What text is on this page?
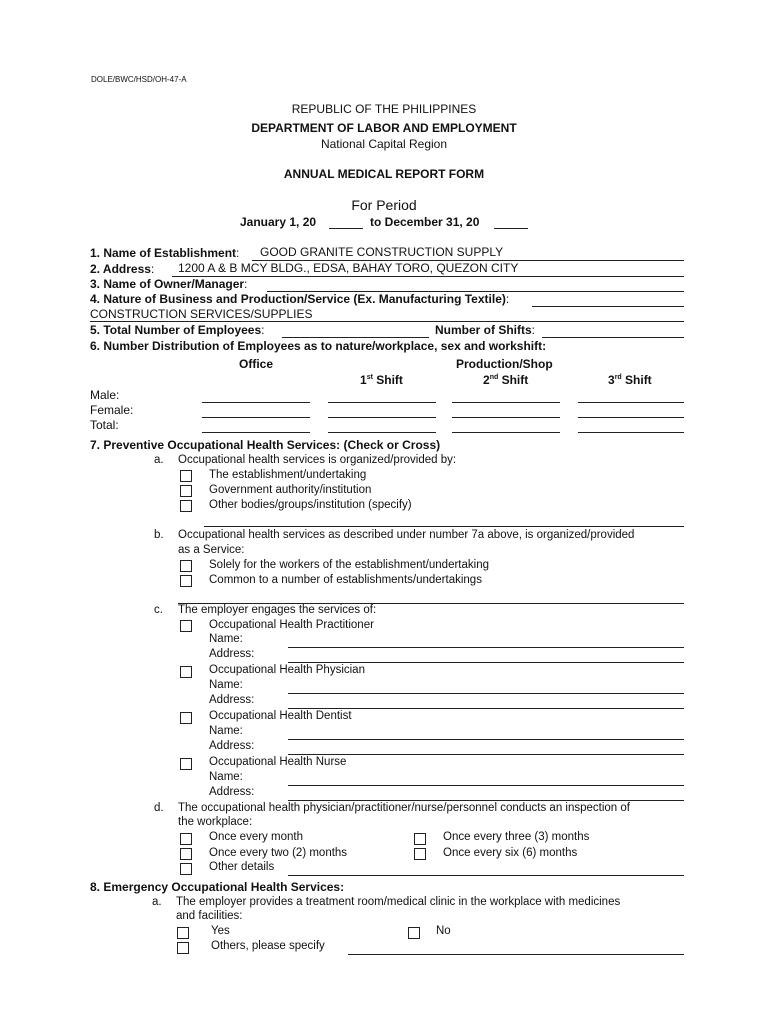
DOLE/BWC/HSD/OH-47-A
REPUBLIC OF THE PHILIPPINES
DEPARTMENT OF LABOR AND EMPLOYMENT
National Capital Region
ANNUAL MEDICAL REPORT FORM
For Period
January 1, 20	to December 31, 20
1. Name of Establishment: GOOD GRANITE CONSTRUCTION SUPPLY
2. Address: 1200 A & B MCY BLDG., EDSA, BAHAY TORO, QUEZON CITY
3. Name of Owner/Manager:
4. Nature of Business and Production/Service (Ex. Manufacturing Textile):
CONSTRUCTION SERVICES/SUPPLIES
5. Total Number of Employees:	Number of Shifts:
6. Number Distribution of Employees as to nature/workplace, sex and workshift:
Office	Production/Shop
1st Shift	2nd Shift	3rd Shift
Male:
Female:
Total:
7. Preventive Occupational Health Services: (Check or Cross)
a. Occupational health services is organized/provided by:
The establishment/undertaking
Government authority/institution
Other bodies/groups/institution (specify)
b. Occupational health services as described under number 7a above, is organized/provided
as a Service:
Solely for the workers of the establishment/undertaking
Common to a number of establishments/undertakings
c. The employer engages the services of:
Occupational Health Practitioner
Name:
Address:
Occupational Health Physician
Name:
Address:
Occupational Health Dentist
Name:
Address:
Occupational Health Nurse
Name:
Address:
d. The occupational health physician/practitioner/nurse/personnel conducts an inspection of
the workplace:
Once every month
Once every two (2) months
Other details
Once every three (3) months
Once every six (6) months
8. Emergency Occupational Health Services:
a. The employer provides a treatment room/medical clinic in the workplace with medicines
and facilities:
Yes	No
Others, please specify
